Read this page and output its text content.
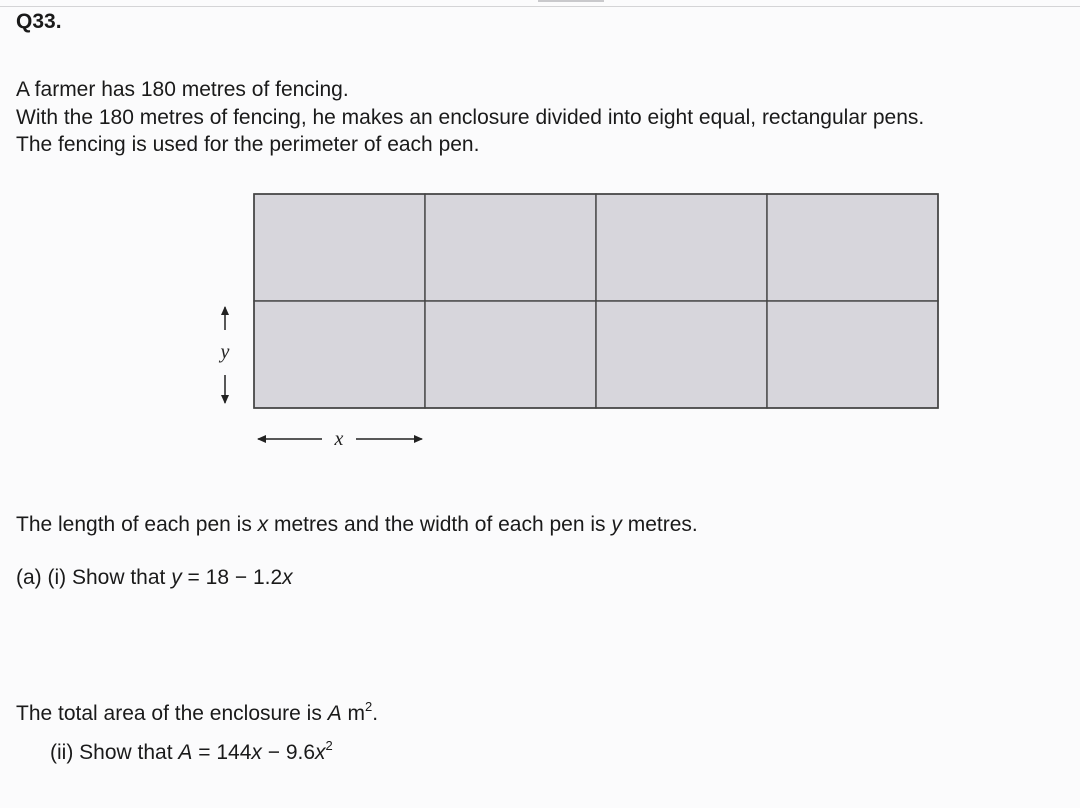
Q33.
A farmer has 180 metres of fencing.
With the 180 metres of fencing, he makes an enclosure divided into eight equal, rectangular pens.
The fencing is used for the perimeter of each pen.
y
x
The length of each pen is x metres and the width of each pen is y metres.
(a) (i) Show that y = 18 − 1.2x
The total area of the enclosure is A $m^2$.
(ii) Show that $A = 144x - 9.6x^2$
